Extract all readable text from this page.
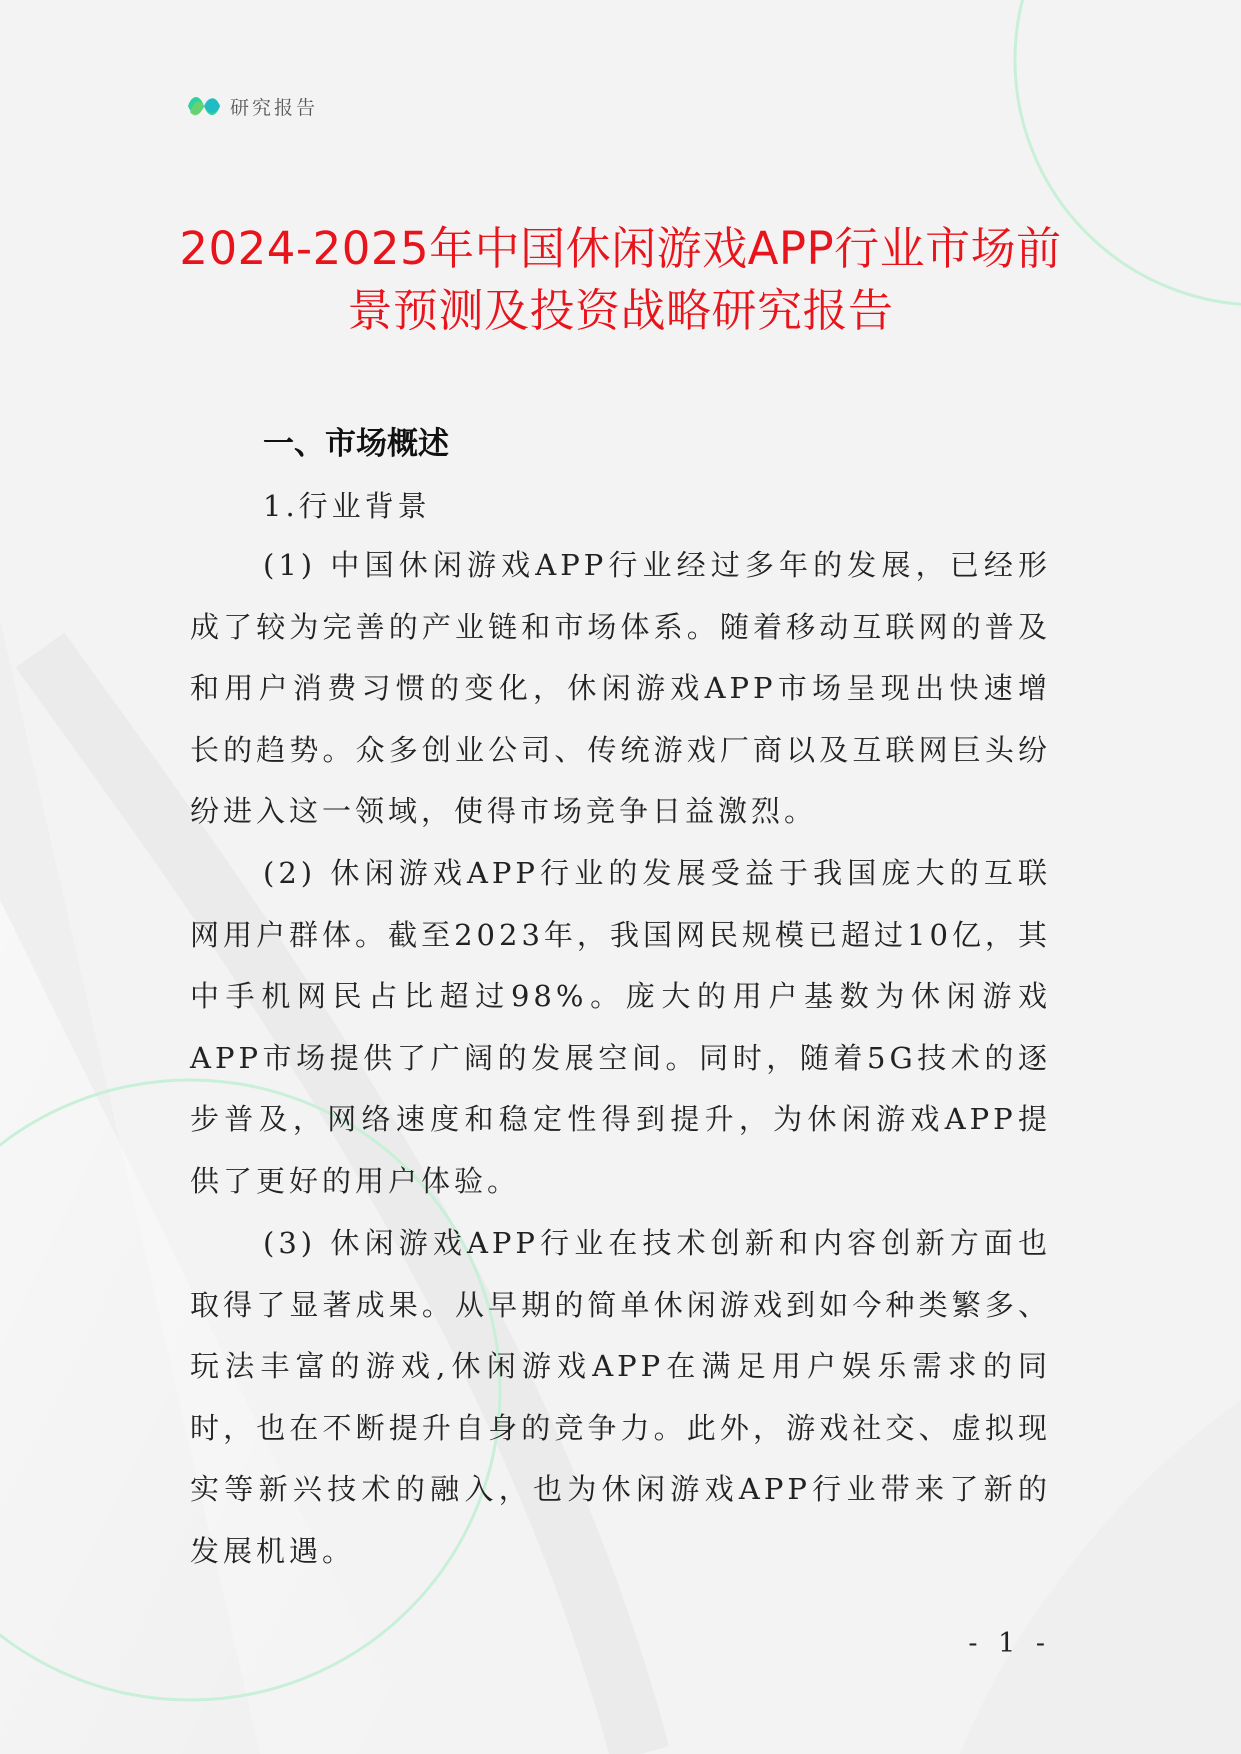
研究报告
2024-2025年中国休闲游戏APP行业市场前
景预测及投资战略研究报告
一、市场概述
1.行业背景

(1) 中国休闲游戏APP行业经过多年的发展，已经形成了较为完善的产业链和市场体系。随着移动互联网的普及和用户消费习惯的变化，休闲游戏APP市场呈现出快速增长的趋势。众多创业公司、传统游戏厂商以及互联网巨头纷纷进入这一领域，使得市场竞争日益激烈。

(2) 休闲游戏APP行业的发展受益于我国庞大的互联网用户群体。截至2023年，我国网民规模已超过10亿，其中手机网民占比超过98%。庞大的用户基数为休闲游戏APP市场提供了广阔的发展空间。同时，随着5G技术的逐步普及，网络速度和稳定性得到提升，为休闲游戏APP提供了更好的用户体验。

(3) 休闲游戏APP行业在技术创新和内容创新方面也取得了显著成果。从早期的简单休闲游戏到如今种类繁多、玩法丰富的游戏,休闲游戏APP在满足用户娱乐需求的同时，也在不断提升自身的竞争力。此外，游戏社交、虚拟现实等新兴技术的融入，也为休闲游戏APP行业带来了新的发展机遇。

- 1 -
